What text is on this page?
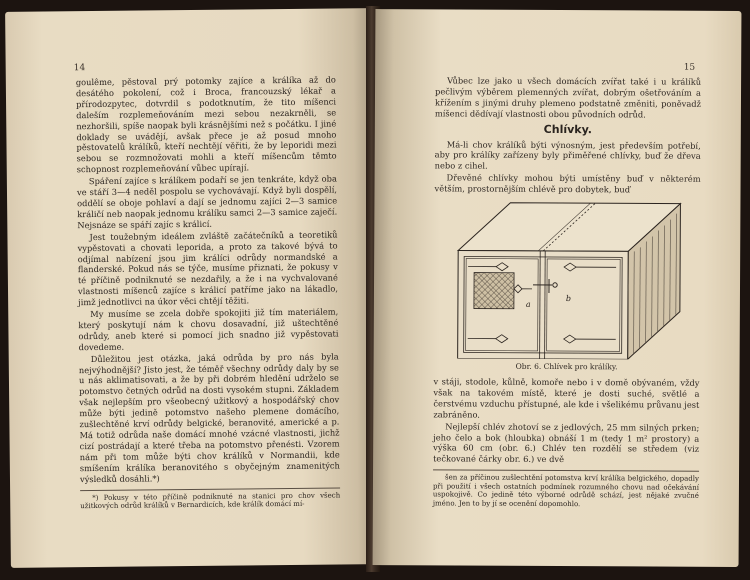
14

goulême, pěstoval prý potomky zajíce a králíka až do desátého pokolení, což i Broca, francouzský lékař a přírodozpytec, dotvrdil s podotknutím, že tito míšenci daleším rozplemeňováním mezi sebou nezakrněli, se nezhoršili, spíše naopak byli krásnějšími než s počátku. I jiné doklady se uvádějí, avšak přece je až posud mnoho pěstovatelů králíků, kteří nechtějí věřiti, že by leporidi mezi sebou se rozmnožovati mohli a kteří míšencům těmto schopnost rozplemeňování vůbec upírají.

Spáření zajíce s králíkem podaří se jen tenkráte, když oba ve stáří 3—4 neděl pospolu se vychovávají. Když byli dospělí, oddělí se oboje pohlaví a dají se jednomu zajíci 2—3 samice králičí neb naopak jednomu králíku samci 2—3 samice zaječí. Nejsnáze se spáří zajíc s králicí.

Jest toužebným ideálem zvláště začátečníků a teoretiků vypěstovati a chovati leporida, a proto za takové bývá to odjímal nabízení jsou jim králíci odrůdy normandské a flanderské. Pokud nás se týče, musíme přiznati, že pokusy v té příčině podniknuté se nezdařily, a že i na vychvalované vlastnosti míšenců zajíce s králicí patříme jako na lákadlo, jimž jednotlivci na úkor věci chtějí těžiti.

My musíme se zcela dobře spokojiti již tím materiálem, který poskytují nám k chovu dosavadní, již uštechtěné odrůdy, aneb které si pomocí jich snadno již vypěstovati dovedeme.

Důležitou jest otázka, jaká odrůda by pro nás byla nejvýhodnější? Jisto jest, že téměř všechny odrůdy daly by se u nás aklimatisovati, a že by při dobrém hledění udrželo se potomstvo četných odrůd na dosti vysokém stupni. Základem však nejlepším pro všeobecný užitkový a hospodářský chov může býti jedině potomstvo našeho plemene domácího, zušlechtěné krví odrůdy belgické, beranovité, americké a p. Má totiž odrůda naše domácí mnohé vzácné vlastnosti, jichž cizí postrádají a které třeba na potomstvo přenésti. Vzorem nám při tom může býti chov králíků v Normandii, kde smíšením králíka beranovitého s obyčejným znamenitých výsledků dosáhli.*)

*) Pokusy v této příčině podniknuté na stanici pro chov všech užitkových odrůd králíků v Bernardicích, kde králík domácí mí-

15

Vůbec lze jako u všech domácích zvířat také i u králíků pečlivým výběrem plemenných zvířat, dobrým ošetřováním a křížením s jinými druhy plemeno podstatně změniti, poněvadž míšenci dědívají vlastnosti obou původních odrůd.

Chlívky.

Má-li chov králíků býti výnosným, jest především potřebí, aby pro králíky zařízeny byly přiměřené chlívky, buď že dřeva nebo z cihel.

Dřevěné chlívky mohou býti umístěny buď v některém větším, prostornějším chlévě pro dobytek, buď

a
b
Obr. 6. Chlívek pro králíky.

v stáji, stodole, kůlně, komoře nebo i v domě obývaném, vždy však na takovém místě, které je dosti suché, světlé a čerstvému vzduchu přístupné, ale kde i všelikému průvanu jest zabráněno.

Nejlepší chlév zhotoví se z jedlových, 25 mm silných prken; jeho čelo a bok (hloubka) obnáší 1 m (tedy 1 m² prostory) a výška 60 cm (obr. 6.) Chlév ten rozdělí se středem (viz tečkované čárky obr. 6.) ve dvě

šen za příčinou zušlechtění potomstva krví králíka belgického, dopadly při použití i všech ostatních podmínek rozumného chovu nad očekávání uspokojivě. Co jedině této výborné odrůdě schází, jest nějaké zvučné jméno. Jen to by jí se ocenění dopomohlo.
